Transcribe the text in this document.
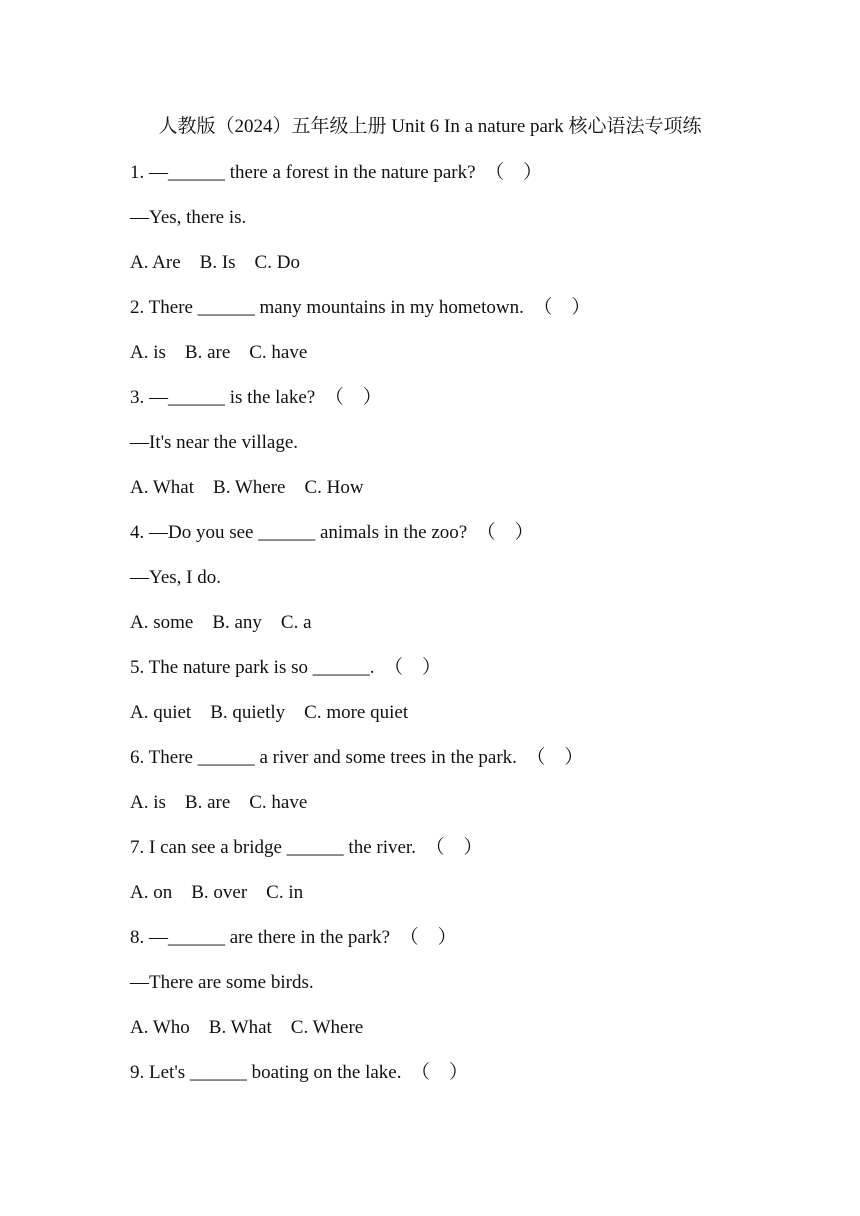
人教版（2024）五年级上册 Unit 6 In a nature park 核心语法专项练
1. —______ there a forest in the nature park?  （    ）
—Yes, there is.
A. Are    B. Is    C. Do
2. There ______ many mountains in my hometown.  （    ）
A. is    B. are    C. have
3. —______ is the lake?  （    ）
—It's near the village.
A. What    B. Where    C. How
4. —Do you see ______ animals in the zoo?  （    ）
—Yes, I do.
A. some    B. any    C. a
5. The nature park is so ______.  （    ）
A. quiet    B. quietly    C. more quiet
6. There ______ a river and some trees in the park.  （    ）
A. is    B. are    C. have
7. I can see a bridge ______ the river.  （    ）
A. on    B. over    C. in
8. —______ are there in the park?  （    ）
—There are some birds.
A. Who    B. What    C. Where
9. Let's ______ boating on the lake.  （    ）
